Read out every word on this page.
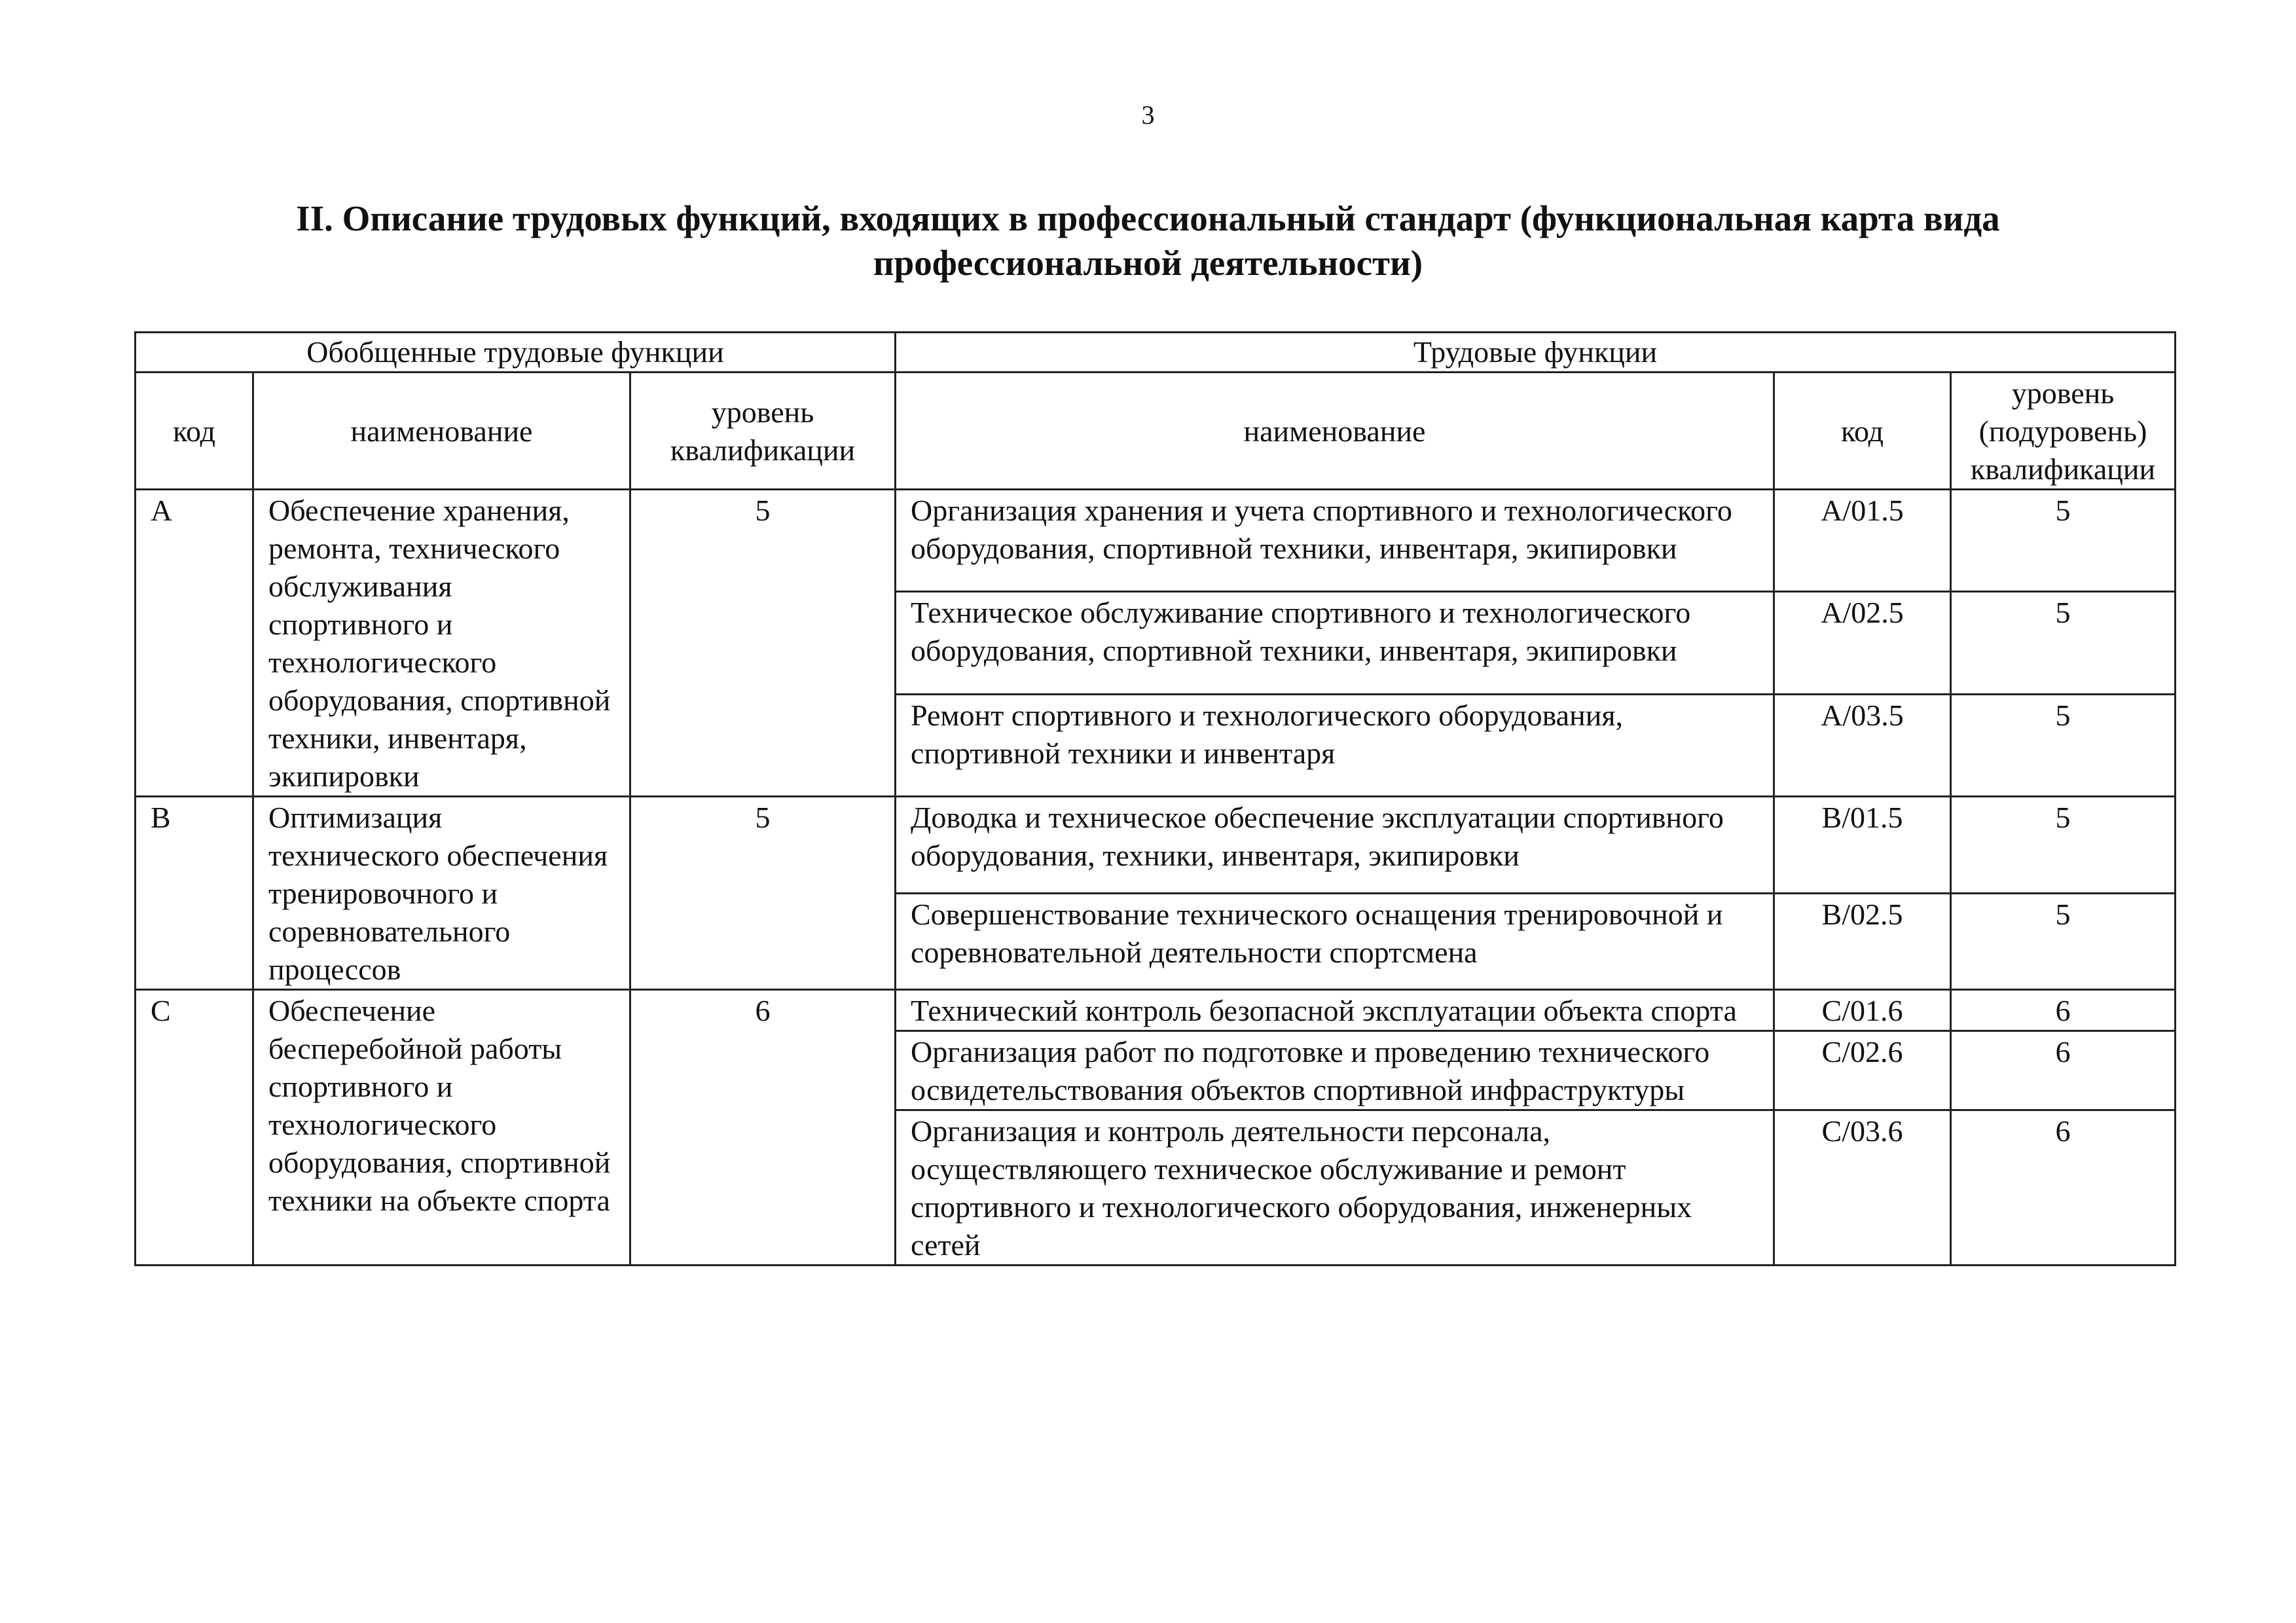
3
II. Описание трудовых функций, входящих в профессиональный стандарт (функциональная карта вида профессиональной деятельности)
Обобщенные трудовые функции			Трудовые функции		
код	наименование	уровень квалификации	наименование	код	уровень (подуровень) квалификации
A	Обеспечение хранения, ремонта, технического обслуживания спортивного и технологического оборудования, спортивной техники, инвентаря, экипировки	5	Организация хранения и учета спортивного и технологического оборудования, спортивной техники, инвентаря, экипировки	A/01.5	5
			Техническое обслуживание спортивного и технологического оборудования, спортивной техники, инвентаря, экипировки	A/02.5	5
			Ремонт спортивного и технологического оборудования, спортивной техники и инвентаря	A/03.5	5
B	Оптимизация технического обеспечения тренировочного и соревновательного процессов	5	Доводка и техническое обеспечение эксплуатации спортивного оборудования, техники, инвентаря, экипировки	B/01.5	5
			Совершенствование технического оснащения тренировочной и соревновательной деятельности спортсмена	B/02.5	5
C	Обеспечение бесперебойной работы спортивного и технологического оборудования, спортивной техники на объекте спорта	6	Технический контроль безопасной эксплуатации объекта спорта	C/01.6	6
			Организация работ по подготовке и проведению технического освидетельствования объектов спортивной инфраструктуры	C/02.6	6
			Организация и контроль деятельности персонала, осуществляющего техническое обслуживание и ремонт спортивного и технологического оборудования, инженерных сетей	C/03.6	6
